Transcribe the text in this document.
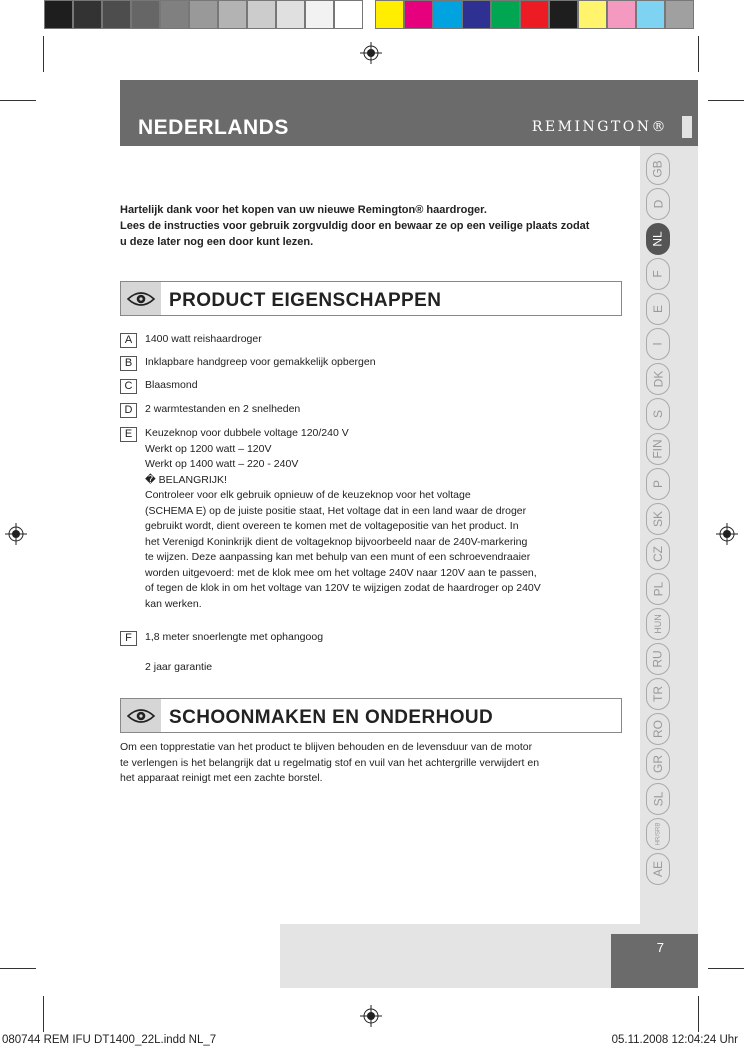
7
NEDERLANDS	REMINGTON®
GB
D
NL
F
E
I
DK
S
FIN
P
SK
CZ
PL
HUN
RU
TR
RO
GR
SL
HR/SRB
AE
Hartelijk dank voor het kopen van uw nieuwe Remington® haardroger.
Lees de instructies voor gebruik zorgvuldig door en bewaar ze op een veilige plaats zodat u deze later nog een door kunt lezen.
PRODUCT EIGENSCHAPPEN
A	1400 watt reishaardroger
B	Inklapbare handgreep voor gemakkelijk opbergen
C	Blaasmond
D	2 warmtestanden en 2 snelheden
E	Keuzeknop voor dubbele voltage 120/240 V
Werkt op 1200 watt – 120V
Werkt op 1400 watt – 220 - 240V
� BELANGRIJK!
Controleer voor elk gebruik opnieuw of de keuzeknop voor het voltage
(SCHEMA E) op de juiste positie staat, Het voltage dat in een land waar de droger
gebruikt wordt, dient overeen te komen met de voltagepositie van het product. In
het Verenigd Koninkrijk dient de voltageknop bijvoorbeeld naar de 240V-markering
te wijzen. Deze aanpassing kan met behulp van een munt of een schroevendraaier
worden uitgevoerd: met de klok mee om het voltage 240V naar 120V aan te passen,
of tegen de klok in om het voltage van 120V te wijzigen zodat de haardroger op 240V
kan werken.
F	1,8 meter snoerlengte met ophangoog
2 jaar garantie
SCHOONMAKEN EN ONDERHOUD
Om een topprestatie van het product te blijven behouden en de levensduur van de motor
te verlengen is het belangrijk dat u regelmatig stof en vuil van het achtergrille verwijdert en
het apparaat reinigt met een zachte borstel.
080744 REM IFU DT1400_22L.indd NL_7	05.11.2008 12:04:24 Uhr
